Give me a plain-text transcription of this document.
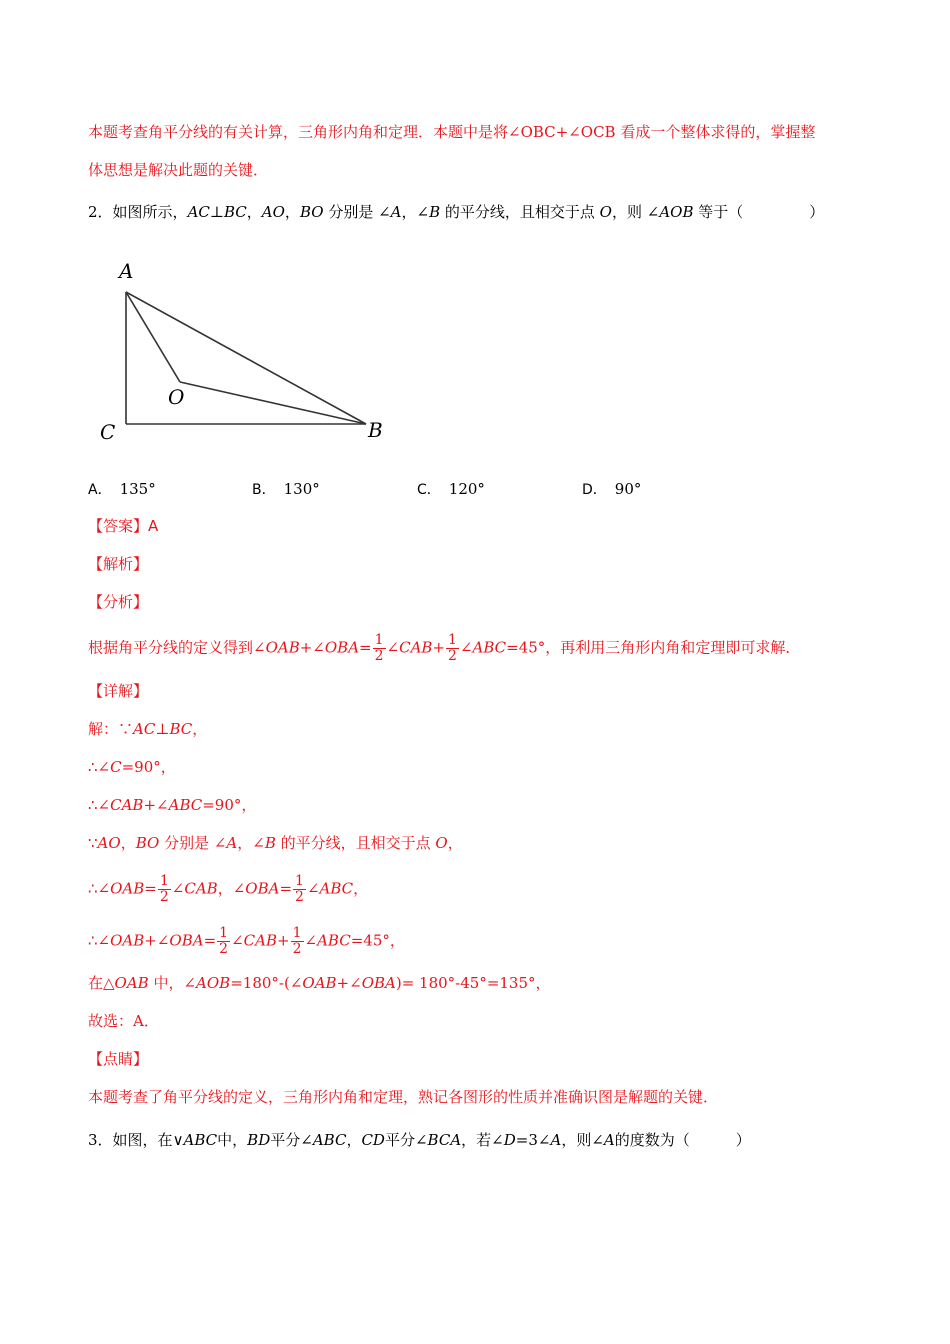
本题考查角平分线的有关计算，三角形内角和定理．本题中是将∠OBC+∠OCB 看成一个整体求得的，掌握整
体思想是解决此题的关键．
2．如图所示，AC⊥BC，AO，BO 分别是 ∠A，∠B 的平分线，且相交于点 O，则 ∠AOB 等于（	）
A
C	B
O
A． 135°	B． 130°	C． 120°	D． 90°
【答案】A
【解析】
【分析】
根据角平分线的定义得到∠OAB+∠OBA= $\frac{1}{2}$ ∠CAB+ $\frac{1}{2}$ ∠ABC=45°，再利用三角形内角和定理即可求解．
【详解】
解：∵AC⊥BC，
∴∠C=90°，
∴∠CAB+∠ABC=90°，
∵AO，BO 分别是 ∠A，∠B 的平分线，且相交于点 O，
∴∠OAB= $\frac{1}{2}$ ∠CAB，∠OBA= $\frac{1}{2}$ ∠ABC，
∴∠OAB+∠OBA= $\frac{1}{2}$ ∠CAB+ $\frac{1}{2}$ ∠ABC=45°，
在△OAB 中，∠AOB=180°-(∠OAB+∠OBA)= 180°-45°=135°，
故选：A．
【点睛】
本题考查了角平分线的定义，三角形内角和定理，熟记各图形的性质并准确识图是解题的关键．
3．如图，在∨ABC中，BD平分∠ABC，CD平分∠BCA，若∠D=3∠A，则∠A的度数为（	）
